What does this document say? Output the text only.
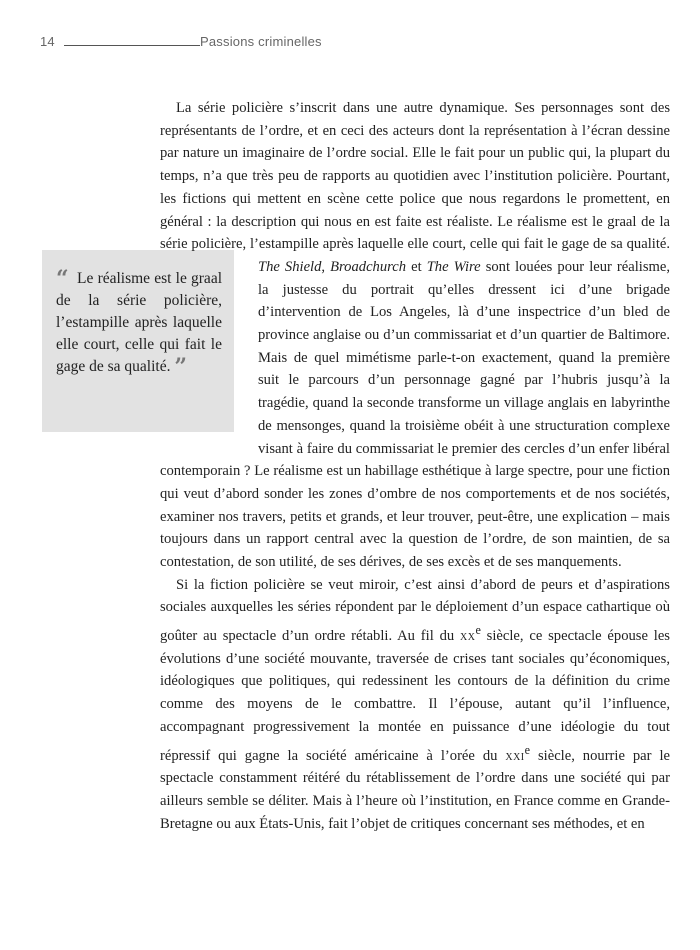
14	Passions criminelles
“ Le réalisme est le graal de la série policière, l’estampille après laquelle elle court, celle qui fait le gage de sa qualité. ”

La série policière s’inscrit dans une autre dynamique. Ses personnages sont des représentants de l’ordre, et en ceci des acteurs dont la représentation à l’écran dessine par nature un imaginaire de l’ordre social. Elle le fait pour un public qui, la plupart du temps, n’a que très peu de rapports au quotidien avec l’institution policière. Pourtant, les fictions qui mettent en scène cette police que nous regardons le promettent, en général : la description qui nous en est faite est réaliste. Le réalisme est le graal de la série policière, l’estampille après laquelle elle court, celle qui fait le gage de sa qualité.
The Shield, Broadchurch et The Wire sont louées pour leur réalisme, la justesse du portrait qu’elles dressent ici d’une brigade d’intervention de Los Angeles, là d’une inspectrice d’un bled de province anglaise ou d’un commissariat et d’un quartier de Baltimore. Mais de quel mimétisme parle-t-on exactement, quand la première suit le parcours d’un personnage gagné par l’hubris jusqu’à la tragédie, quand la seconde transforme un village anglais en labyrinthe de mensonges, quand la troisième obéit à une structuration complexe visant à faire du commissariat le premier des cercles d’un enfer libéral contemporain ? Le réalisme est un habillage esthétique à large spectre, pour une fiction qui veut d’abord sonder les zones d’ombre de nos comportements et de nos sociétés, examiner nos travers, petits et grands, et leur trouver, peut-être, une explication – mais toujours dans un rapport central avec la question de l’ordre, de son maintien, de sa contestation, de son utilité, de ses dérives, de ses excès et de ses manquements.

Si la fiction policière se veut miroir, c’est ainsi d’abord de peurs et d’aspirations sociales auxquelles les séries répondent par le déploiement d’un espace cathartique où goûter au spectacle d’un ordre rétabli. Au fil du $xx^e$ siècle, ce spectacle épouse les évolutions d’une société mouvante, traversée de crises tant sociales qu’économiques, idéologiques que politiques, qui redessinent les contours de la définition du crime comme des moyens de le combattre. Il l’épouse, autant qu’il l’influence, accompagnant progressivement la montée en puissance d’une idéologie du tout répressif qui gagne la société américaine à l’orée du xxi$^e$ siècle, nourrie par le spectacle constamment réitéré du rétablissement de l’ordre dans une société qui par ailleurs semble se déliter. Mais à l’heure où l’institution, en France comme en Grande-Bretagne ou aux États-Unis, fait l’objet de critiques concernant ses méthodes, et en
